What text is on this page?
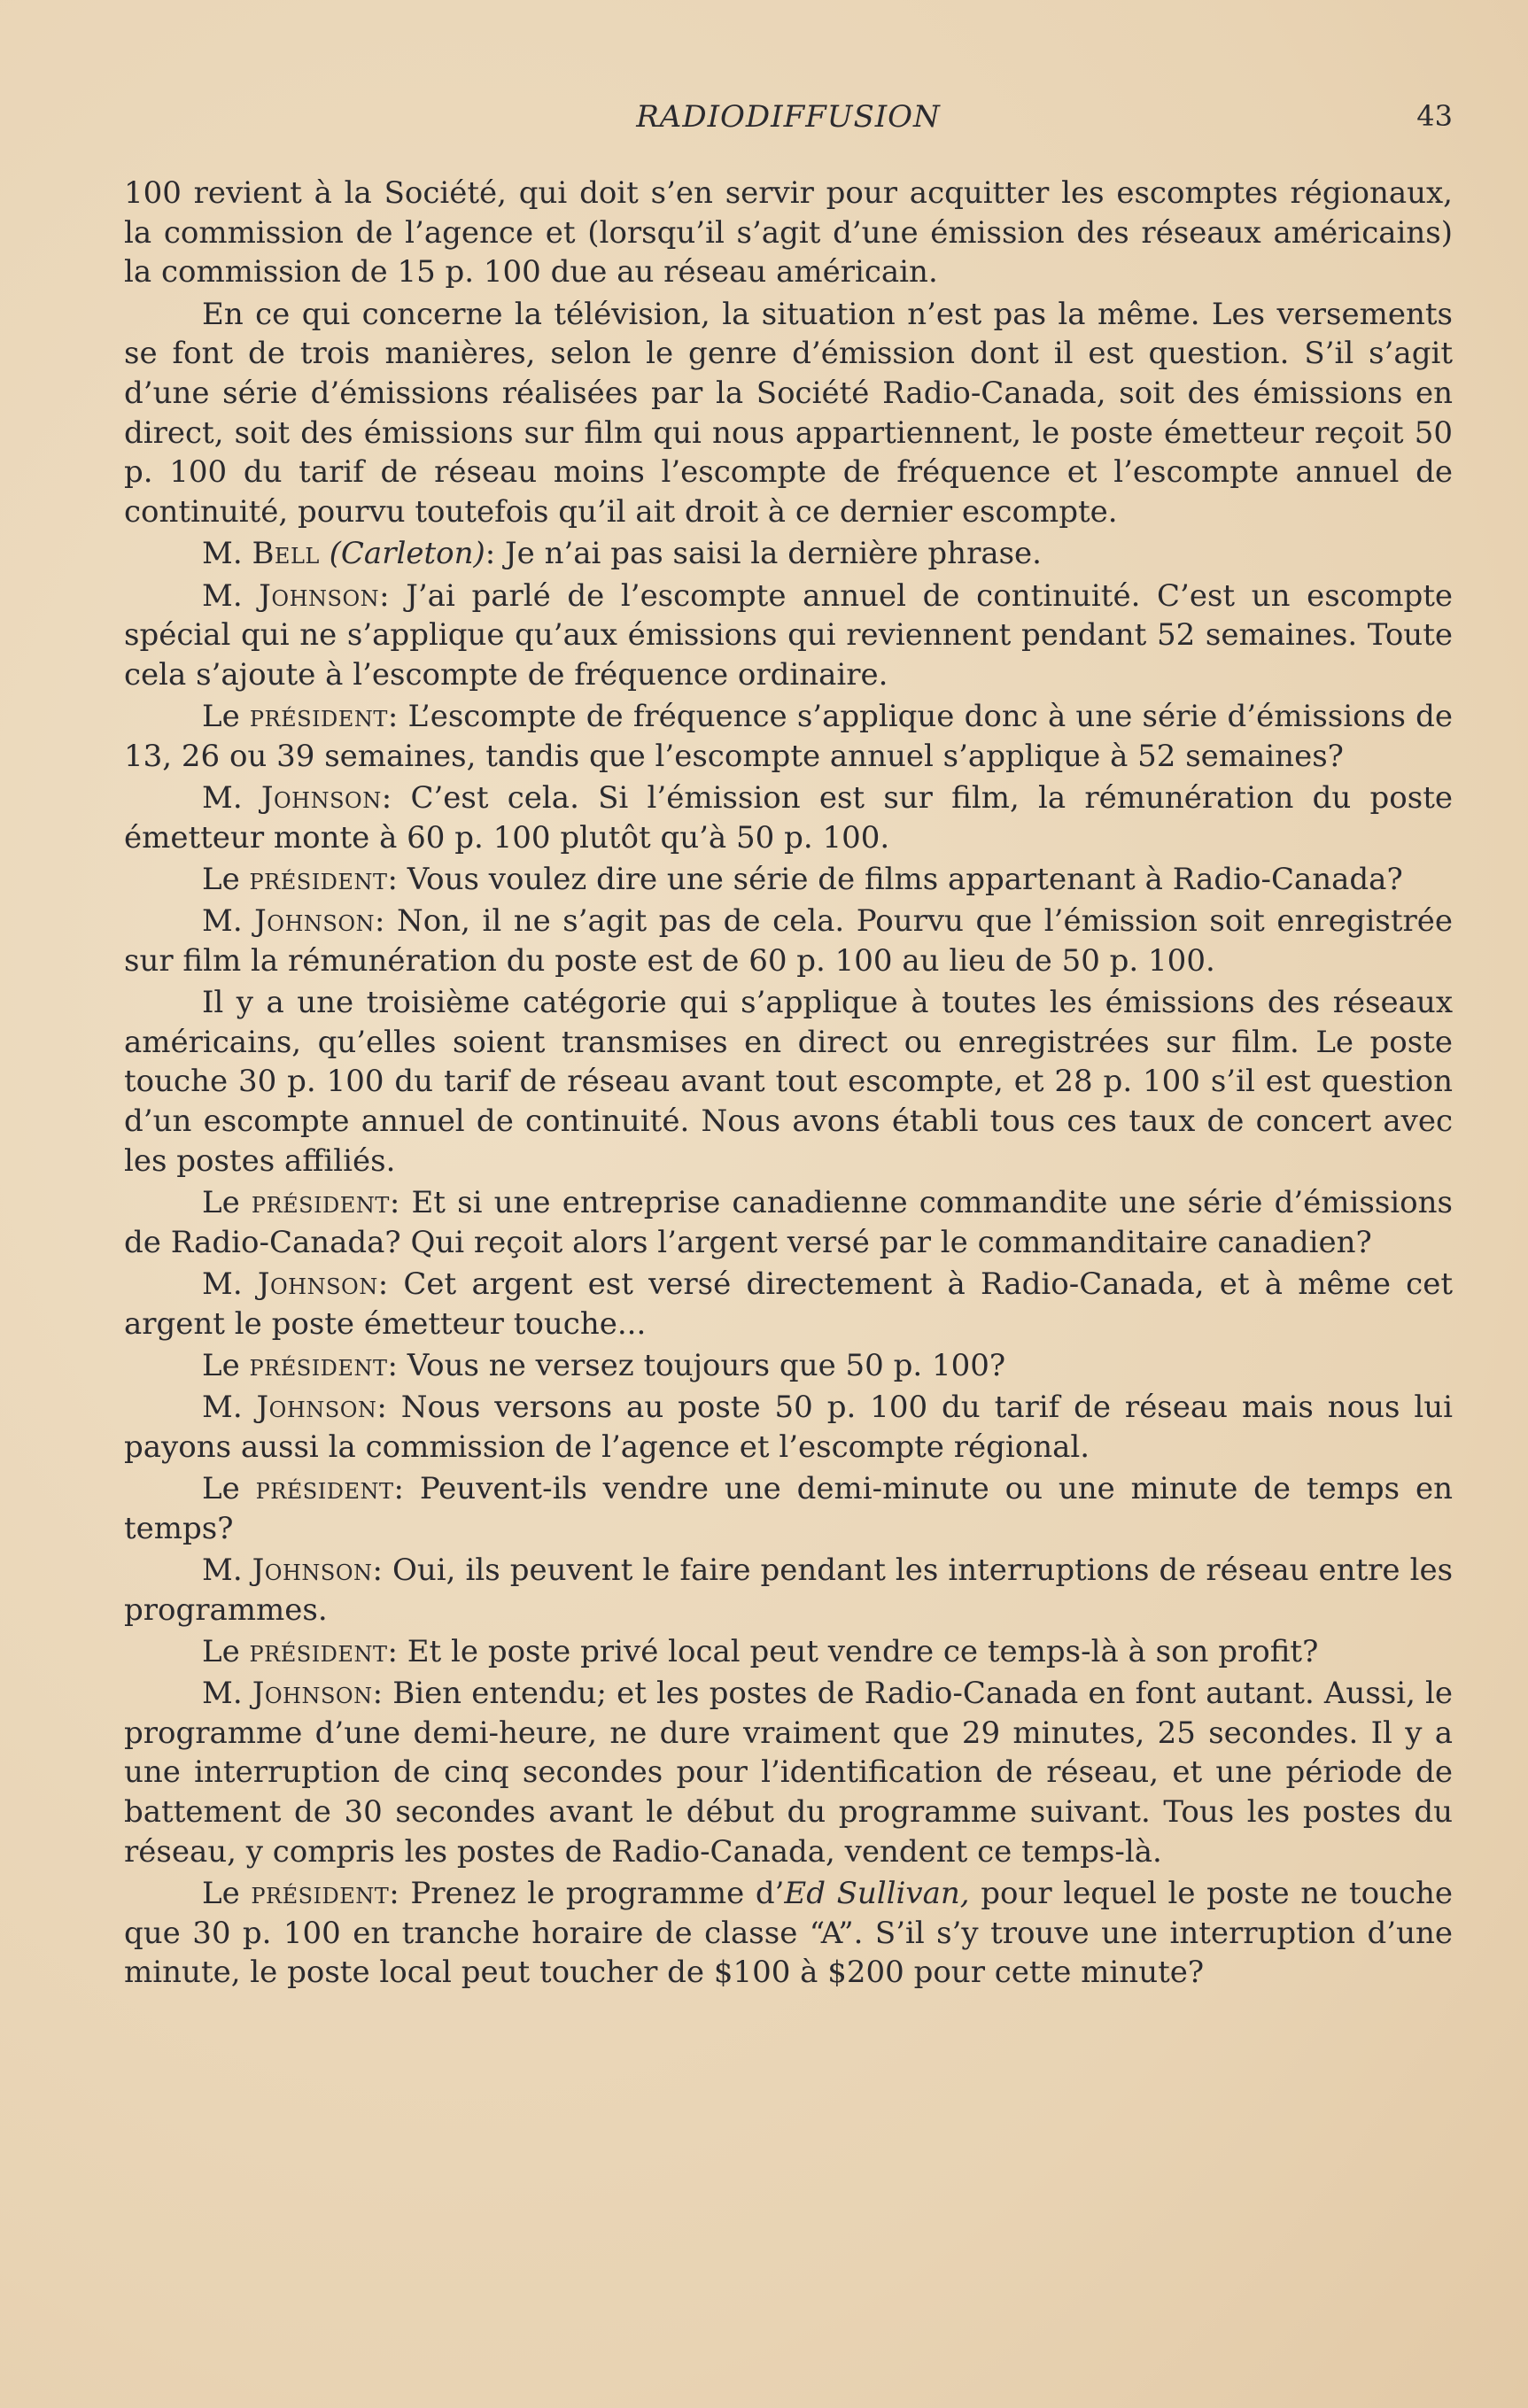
RADIODIFFUSION	43

100 revient à la Société, qui doit s’en servir pour acquitter les escomptes régionaux, la commission de l’agence et (lorsqu’il s’agit d’une émission des réseaux américains) la commission de 15 p. 100 due au réseau américain.

En ce qui concerne la télévision, la situation n’est pas la même. Les versements se font de trois manières, selon le genre d’émission dont il est question. S’il s’agit d’une série d’émissions réalisées par la Société Radio-Canada, soit des émissions en direct, soit des émissions sur film qui nous appartiennent, le poste émetteur reçoit 50 p. 100 du tarif de réseau moins l’escompte de fréquence et l’escompte annuel de continuité, pourvu toutefois qu’il ait droit à ce dernier escompte.

M. Bell (Carleton): Je n’ai pas saisi la dernière phrase.

M. Johnson: J’ai parlé de l’escompte annuel de continuité. C’est un escompte spécial qui ne s’applique qu’aux émissions qui reviennent pendant 52 semaines. Toute cela s’ajoute à l’escompte de fréquence ordinaire.

Le président: L’escompte de fréquence s’applique donc à une série d’émissions de 13, 26 ou 39 semaines, tandis que l’escompte annuel s’applique à 52 semaines?

M. Johnson: C’est cela. Si l’émission est sur film, la rémunération du poste émetteur monte à 60 p. 100 plutôt qu’à 50 p. 100.

Le président: Vous voulez dire une série de films appartenant à Radio-Canada?

M. Johnson: Non, il ne s’agit pas de cela. Pourvu que l’émission soit enregistrée sur film la rémunération du poste est de 60 p. 100 au lieu de 50 p. 100.

Il y a une troisième catégorie qui s’applique à toutes les émissions des réseaux américains, qu’elles soient transmises en direct ou enregistrées sur film. Le poste touche 30 p. 100 du tarif de réseau avant tout escompte, et 28 p. 100 s’il est question d’un escompte annuel de continuité. Nous avons établi tous ces taux de concert avec les postes affiliés.

Le président: Et si une entreprise canadienne commandite une série d’émissions de Radio-Canada? Qui reçoit alors l’argent versé par le commanditaire canadien?

M. Johnson: Cet argent est versé directement à Radio-Canada, et à même cet argent le poste émetteur touche...

Le président: Vous ne versez toujours que 50 p. 100?

M. Johnson: Nous versons au poste 50 p. 100 du tarif de réseau mais nous lui payons aussi la commission de l’agence et l’escompte régional.

Le président: Peuvent-ils vendre une demi-minute ou une minute de temps en temps?

M. Johnson: Oui, ils peuvent le faire pendant les interruptions de réseau entre les programmes.

Le président: Et le poste privé local peut vendre ce temps-là à son profit?

M. Johnson: Bien entendu; et les postes de Radio-Canada en font autant. Aussi, le programme d’une demi-heure, ne dure vraiment que 29 minutes, 25 secondes. Il y a une interruption de cinq secondes pour l’identification de réseau, et une période de battement de 30 secondes avant le début du programme suivant. Tous les postes du réseau, y compris les postes de Radio-Canada, vendent ce temps-là.

Le président: Prenez le programme d’Ed Sullivan, pour lequel le poste ne touche que 30 p. 100 en tranche horaire de classe “A”. S’il s’y trouve une interruption d’une minute, le poste local peut toucher de $100 à $200 pour cette minute?
